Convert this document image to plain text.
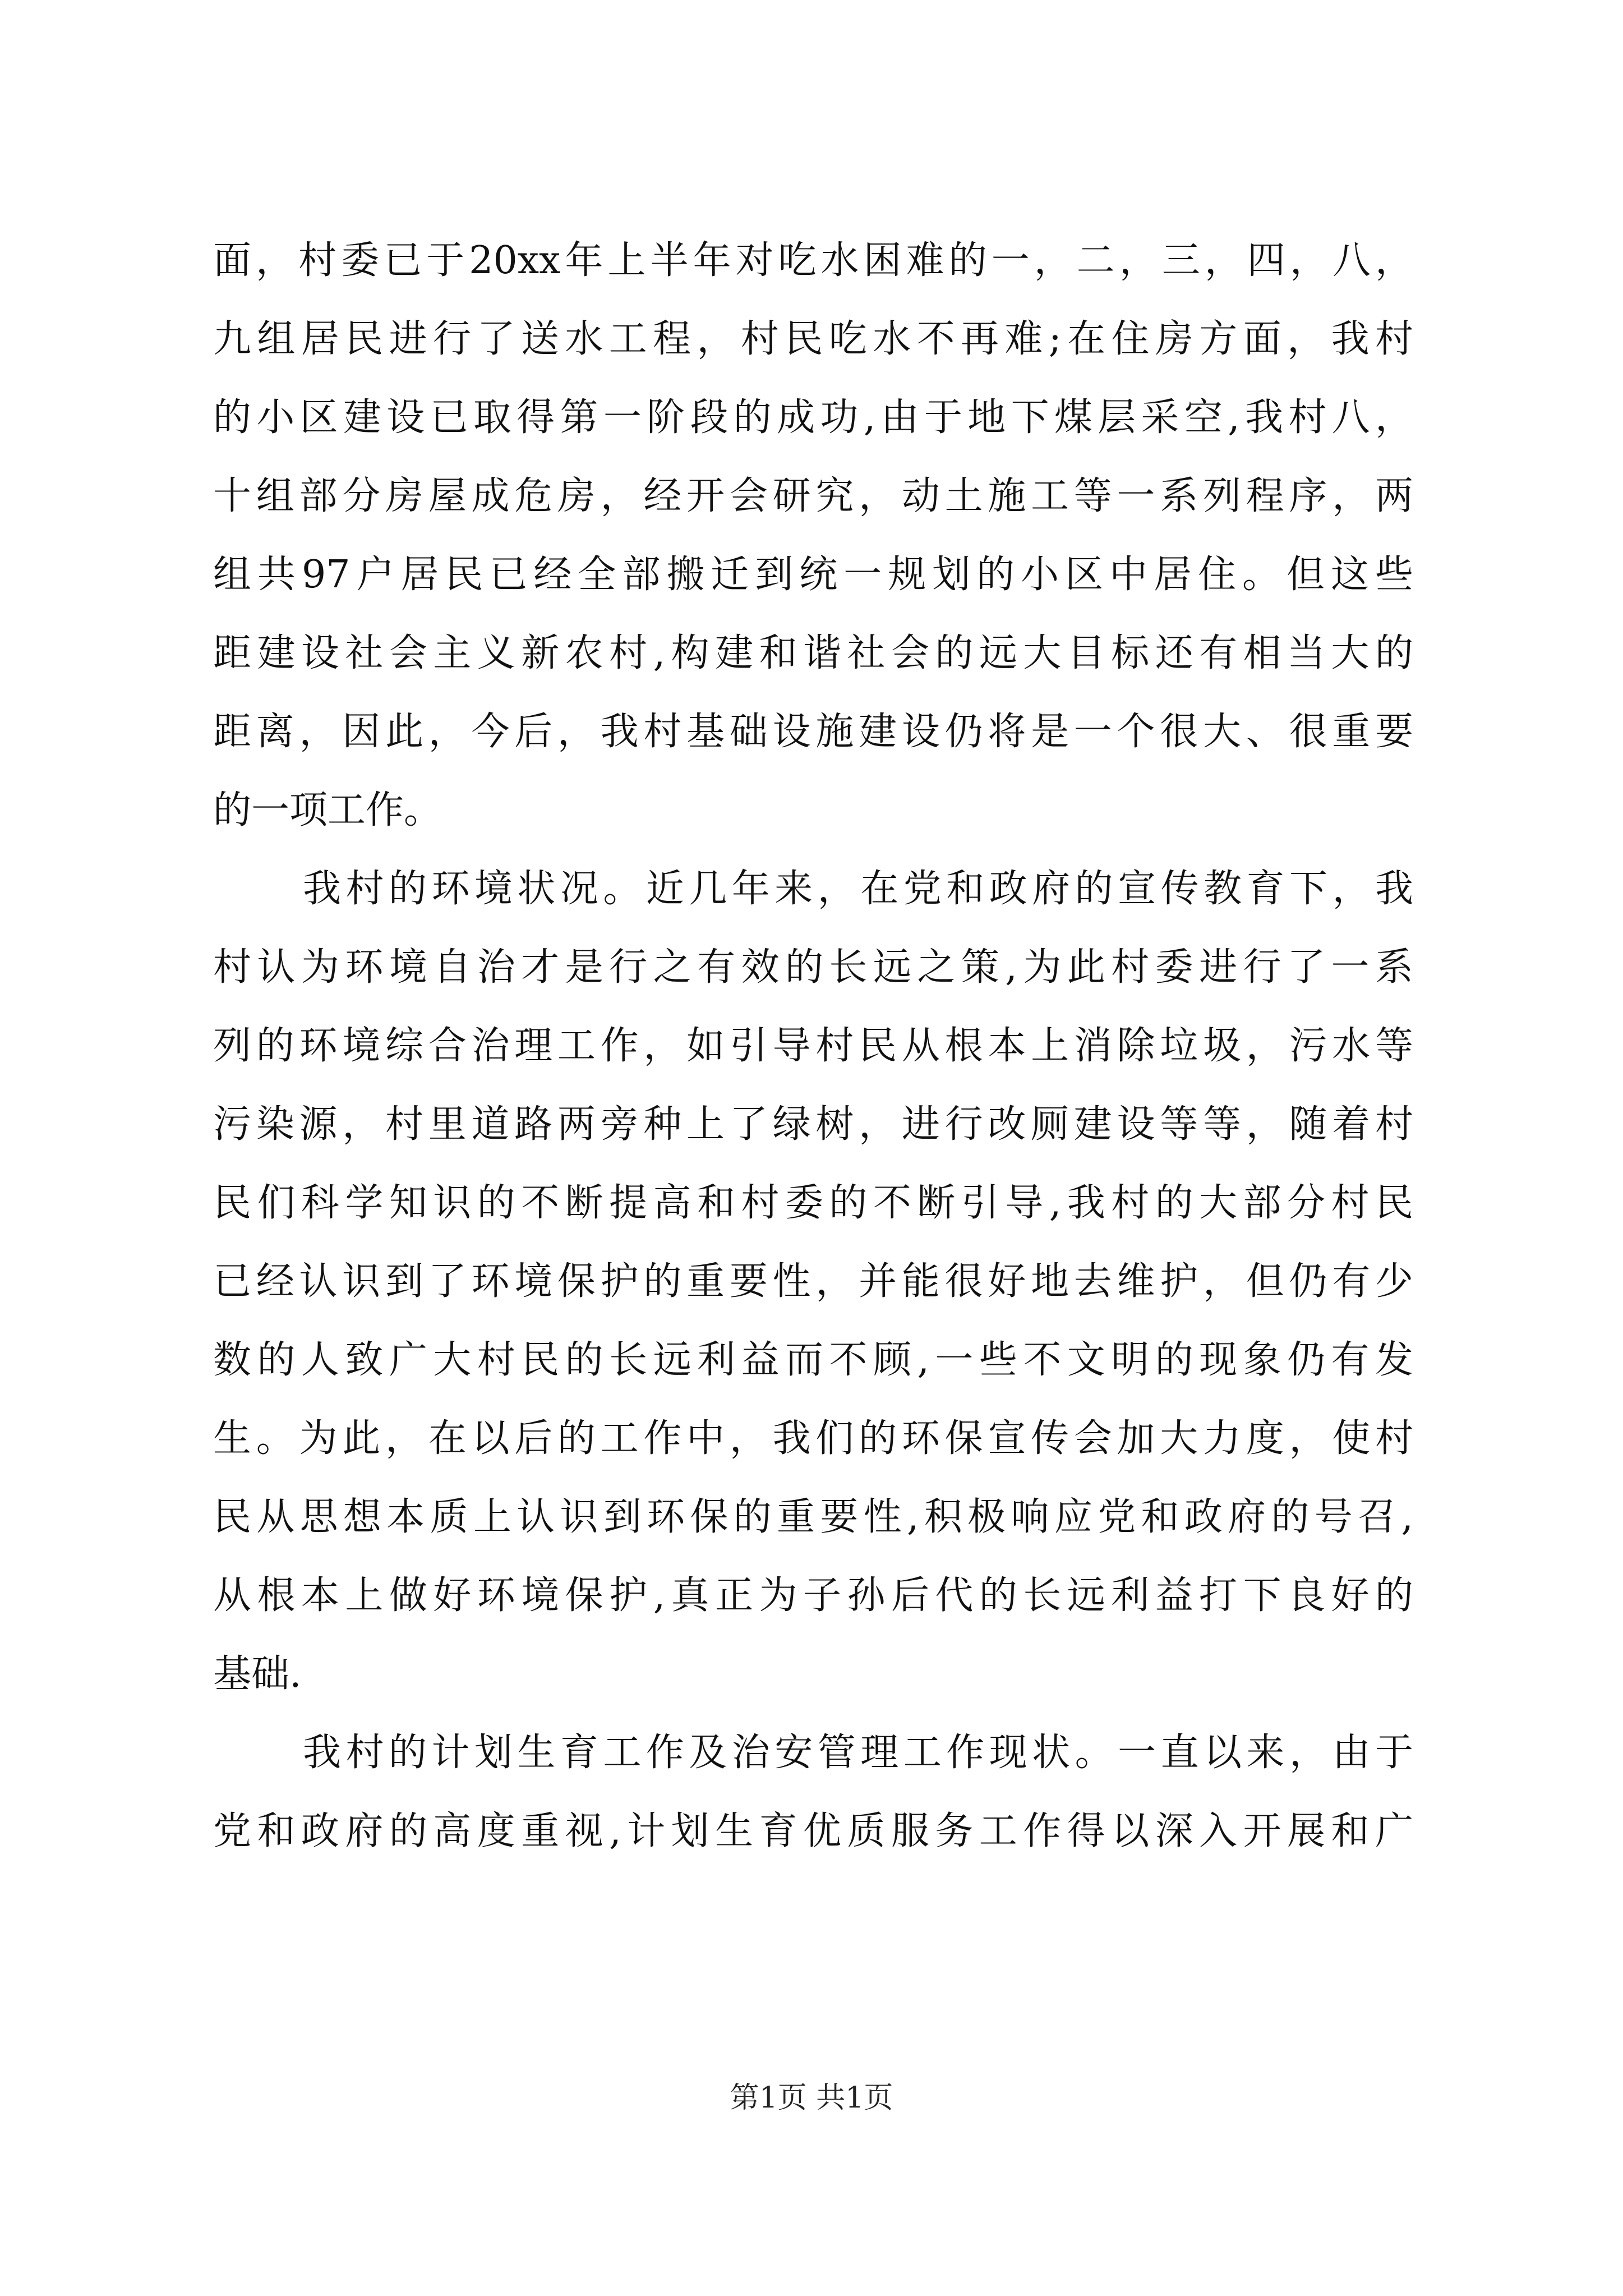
面，村委已于20xx年上半年对吃水困难的一，二，三，四，八，
九组居民进行了送水工程，村民吃水不再难;在住房方面，我村
的小区建设已取得第一阶段的成功,由于地下煤层采空,我村八，
十组部分房屋成危房，经开会研究，动土施工等一系列程序，两
组共97户居民已经全部搬迁到统一规划的小区中居住。但这些
距建设社会主义新农村,构建和谐社会的远大目标还有相当大的
距离，因此，今后，我村基础设施建设仍将是一个很大、很重要
的一项工作。
我村的环境状况。近几年来，在党和政府的宣传教育下，我
村认为环境自治才是行之有效的长远之策,为此村委进行了一系
列的环境综合治理工作，如引导村民从根本上消除垃圾，污水等
污染源，村里道路两旁种上了绿树，进行改厕建设等等，随着村
民们科学知识的不断提高和村委的不断引导,我村的大部分村民
已经认识到了环境保护的重要性，并能很好地去维护，但仍有少
数的人致广大村民的长远利益而不顾,一些不文明的现象仍有发
生。为此，在以后的工作中，我们的环保宣传会加大力度，使村
民从思想本质上认识到环保的重要性,积极响应党和政府的号召,
从根本上做好环境保护,真正为子孙后代的长远利益打下良好的
基础.
我村的计划生育工作及治安管理工作现状。一直以来，由于
党和政府的高度重视,计划生育优质服务工作得以深入开展和广
第1页 共1页
